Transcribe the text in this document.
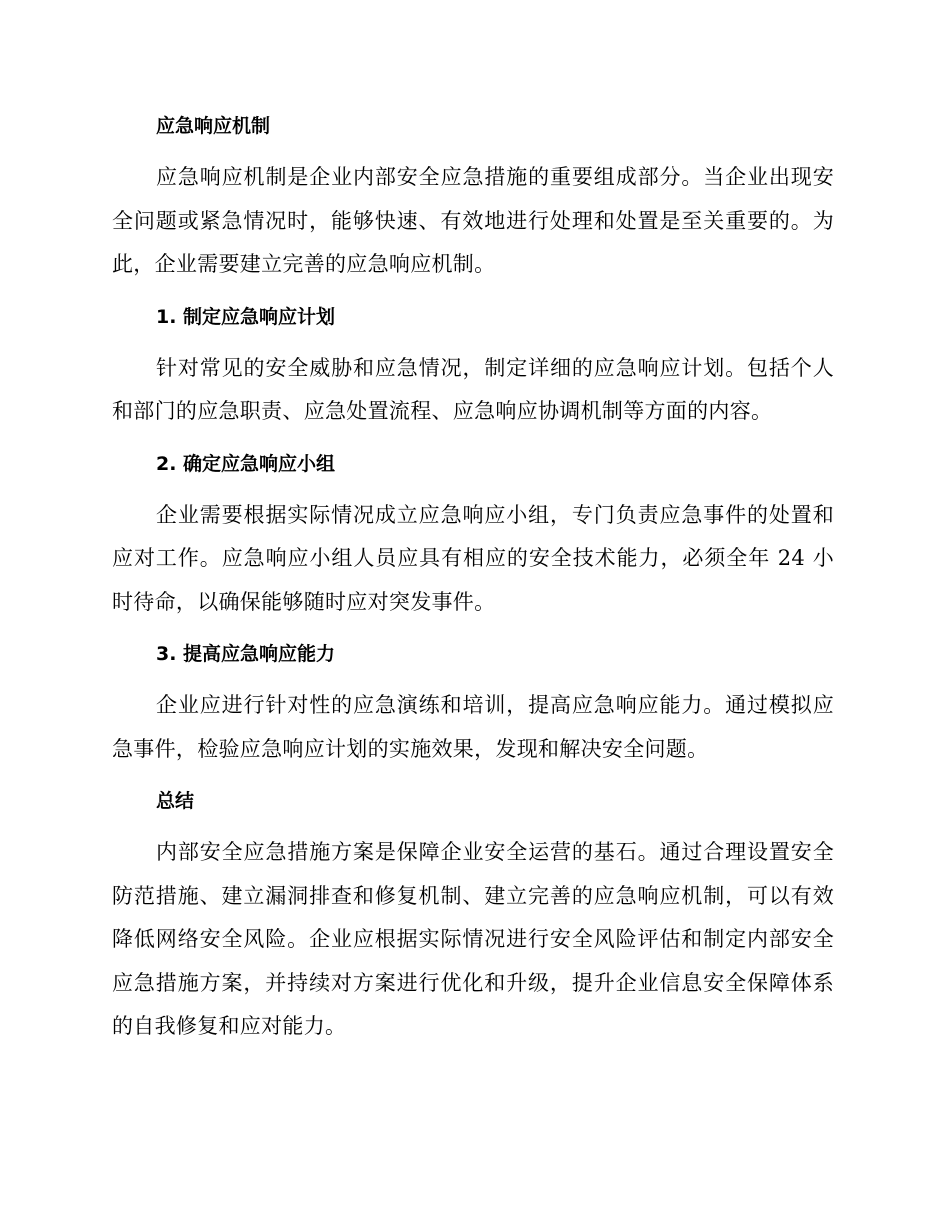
应急响应机制

应急响应机制是企业内部安全应急措施的重要组成部分。当企业出现安全问题或紧急情况时，能够快速、有效地进行处理和处置是至关重要的。为此，企业需要建立完善的应急响应机制。

1. 制定应急响应计划

针对常见的安全威胁和应急情况，制定详细的应急响应计划。包括个人和部门的应急职责、应急处置流程、应急响应协调机制等方面的内容。

2. 确定应急响应小组

企业需要根据实际情况成立应急响应小组，专门负责应急事件的处置和应对工作。应急响应小组人员应具有相应的安全技术能力，必须全年 24 小时待命，以确保能够随时应对突发事件。

3. 提高应急响应能力

企业应进行针对性的应急演练和培训，提高应急响应能力。通过模拟应急事件，检验应急响应计划的实施效果，发现和解决安全问题。

总结

内部安全应急措施方案是保障企业安全运营的基石。通过合理设置安全防范措施、建立漏洞排查和修复机制、建立完善的应急响应机制，可以有效降低网络安全风险。企业应根据实际情况进行安全风险评估和制定内部安全应急措施方案，并持续对方案进行优化和升级，提升企业信息安全保障体系的自我修复和应对能力。
